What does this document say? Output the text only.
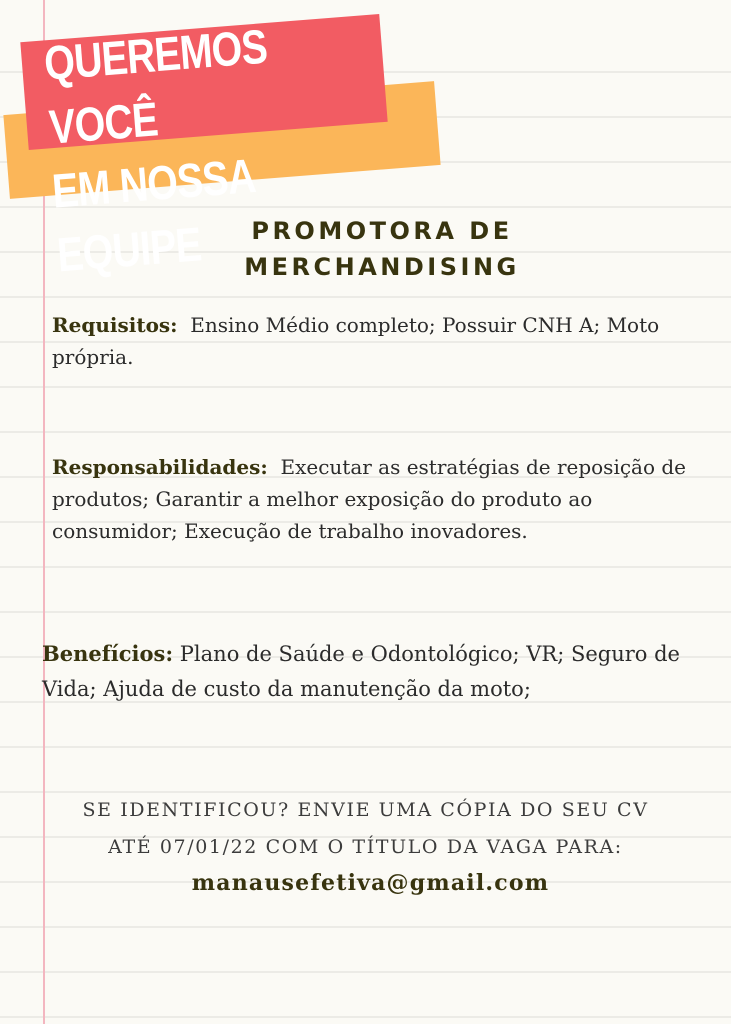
QUEREMOS VOCÊ
EM NOSSA EQUIPE	PROMOTORA DE
MERCHANDISING
Requisitos: Ensino Médio completo; Possuir CNH A; Moto própria.
Responsabilidades: Executar as estratégias de reposição de produtos; Garantir a melhor exposição do produto ao consumidor; Execução de trabalho inovadores.
Benefícios: Plano de Saúde e Odontológico; VR; Seguro de Vida; Ajuda de custo da manutenção da moto;
SE IDENTIFICOU? ENVIE UMA CÓPIA DO SEU CV
ATÉ 07/01/22 COM O TÍTULO DA VAGA PARA:
manausefetiva@gmail.com
